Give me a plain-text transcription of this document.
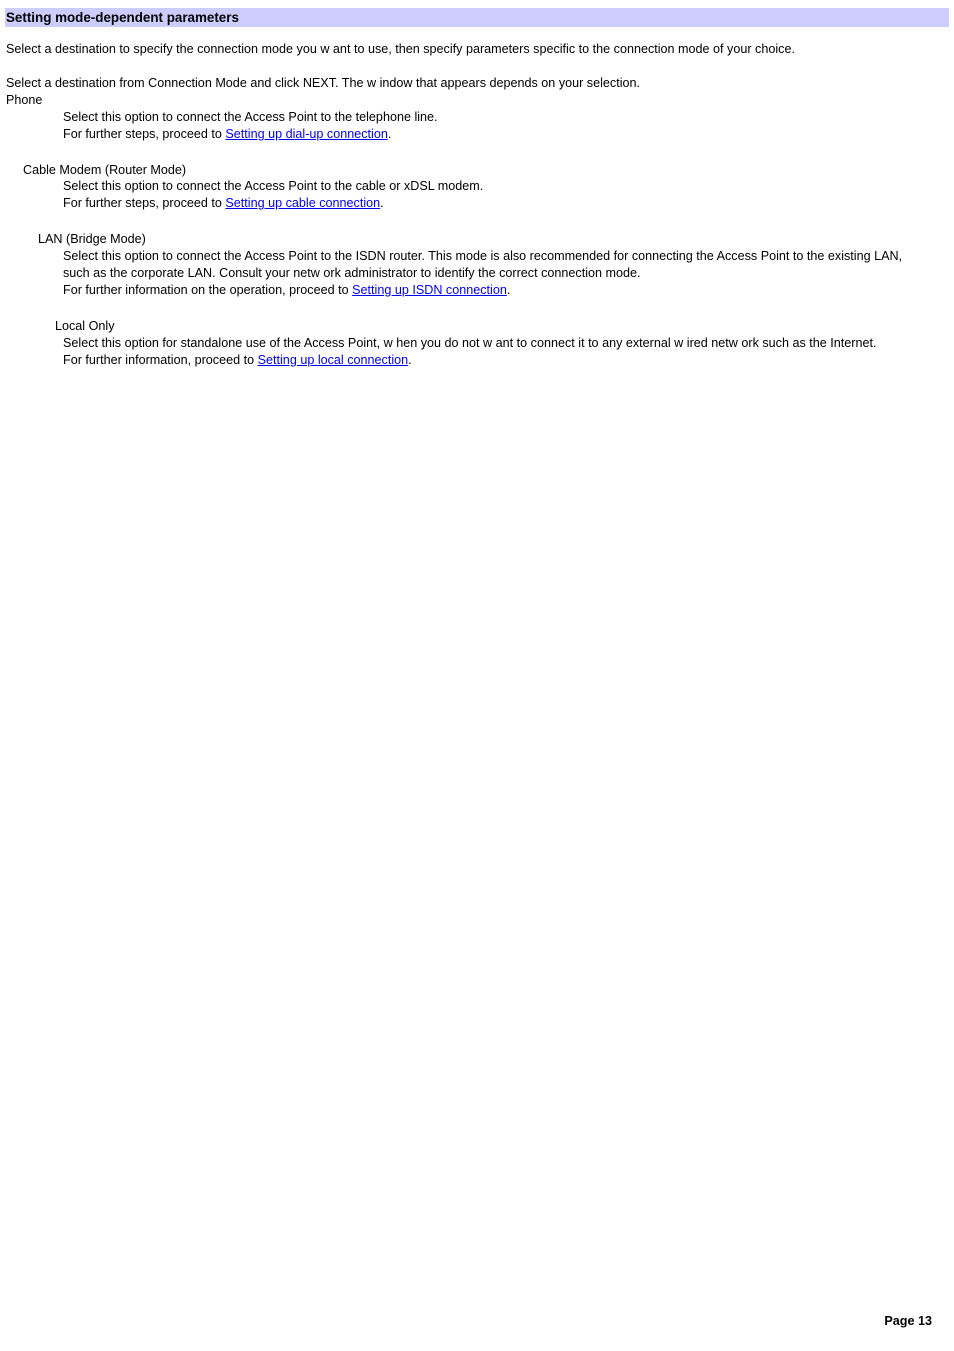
Setting mode-dependent parameters
Select a destination to specify the connection mode you w ant to use, then specify parameters specific to the connection mode of your choice.
Select a destination from Connection Mode and click NEXT. The w indow that appears depends on your selection.
Phone
Select this option to connect the Access Point to the telephone line.
For further steps, proceed to Setting up dial-up connection.
Cable Modem (Router Mode)
Select this option to connect the Access Point to the cable or xDSL modem.
For further steps, proceed to Setting up cable connection.
LAN (Bridge Mode)
Select this option to connect the Access Point to the ISDN router. This mode is also recommended for connecting the Access Point to the existing LAN,
such as the corporate LAN. Consult your netw ork administrator to identify the correct connection mode.
For further information on the operation, proceed to Setting up ISDN connection.
Local Only
Select this option for standalone use of the Access Point, w hen you do not w ant to connect it to any external w ired netw ork such as the Internet.
For further information, proceed to Setting up local connection.
Page 13
